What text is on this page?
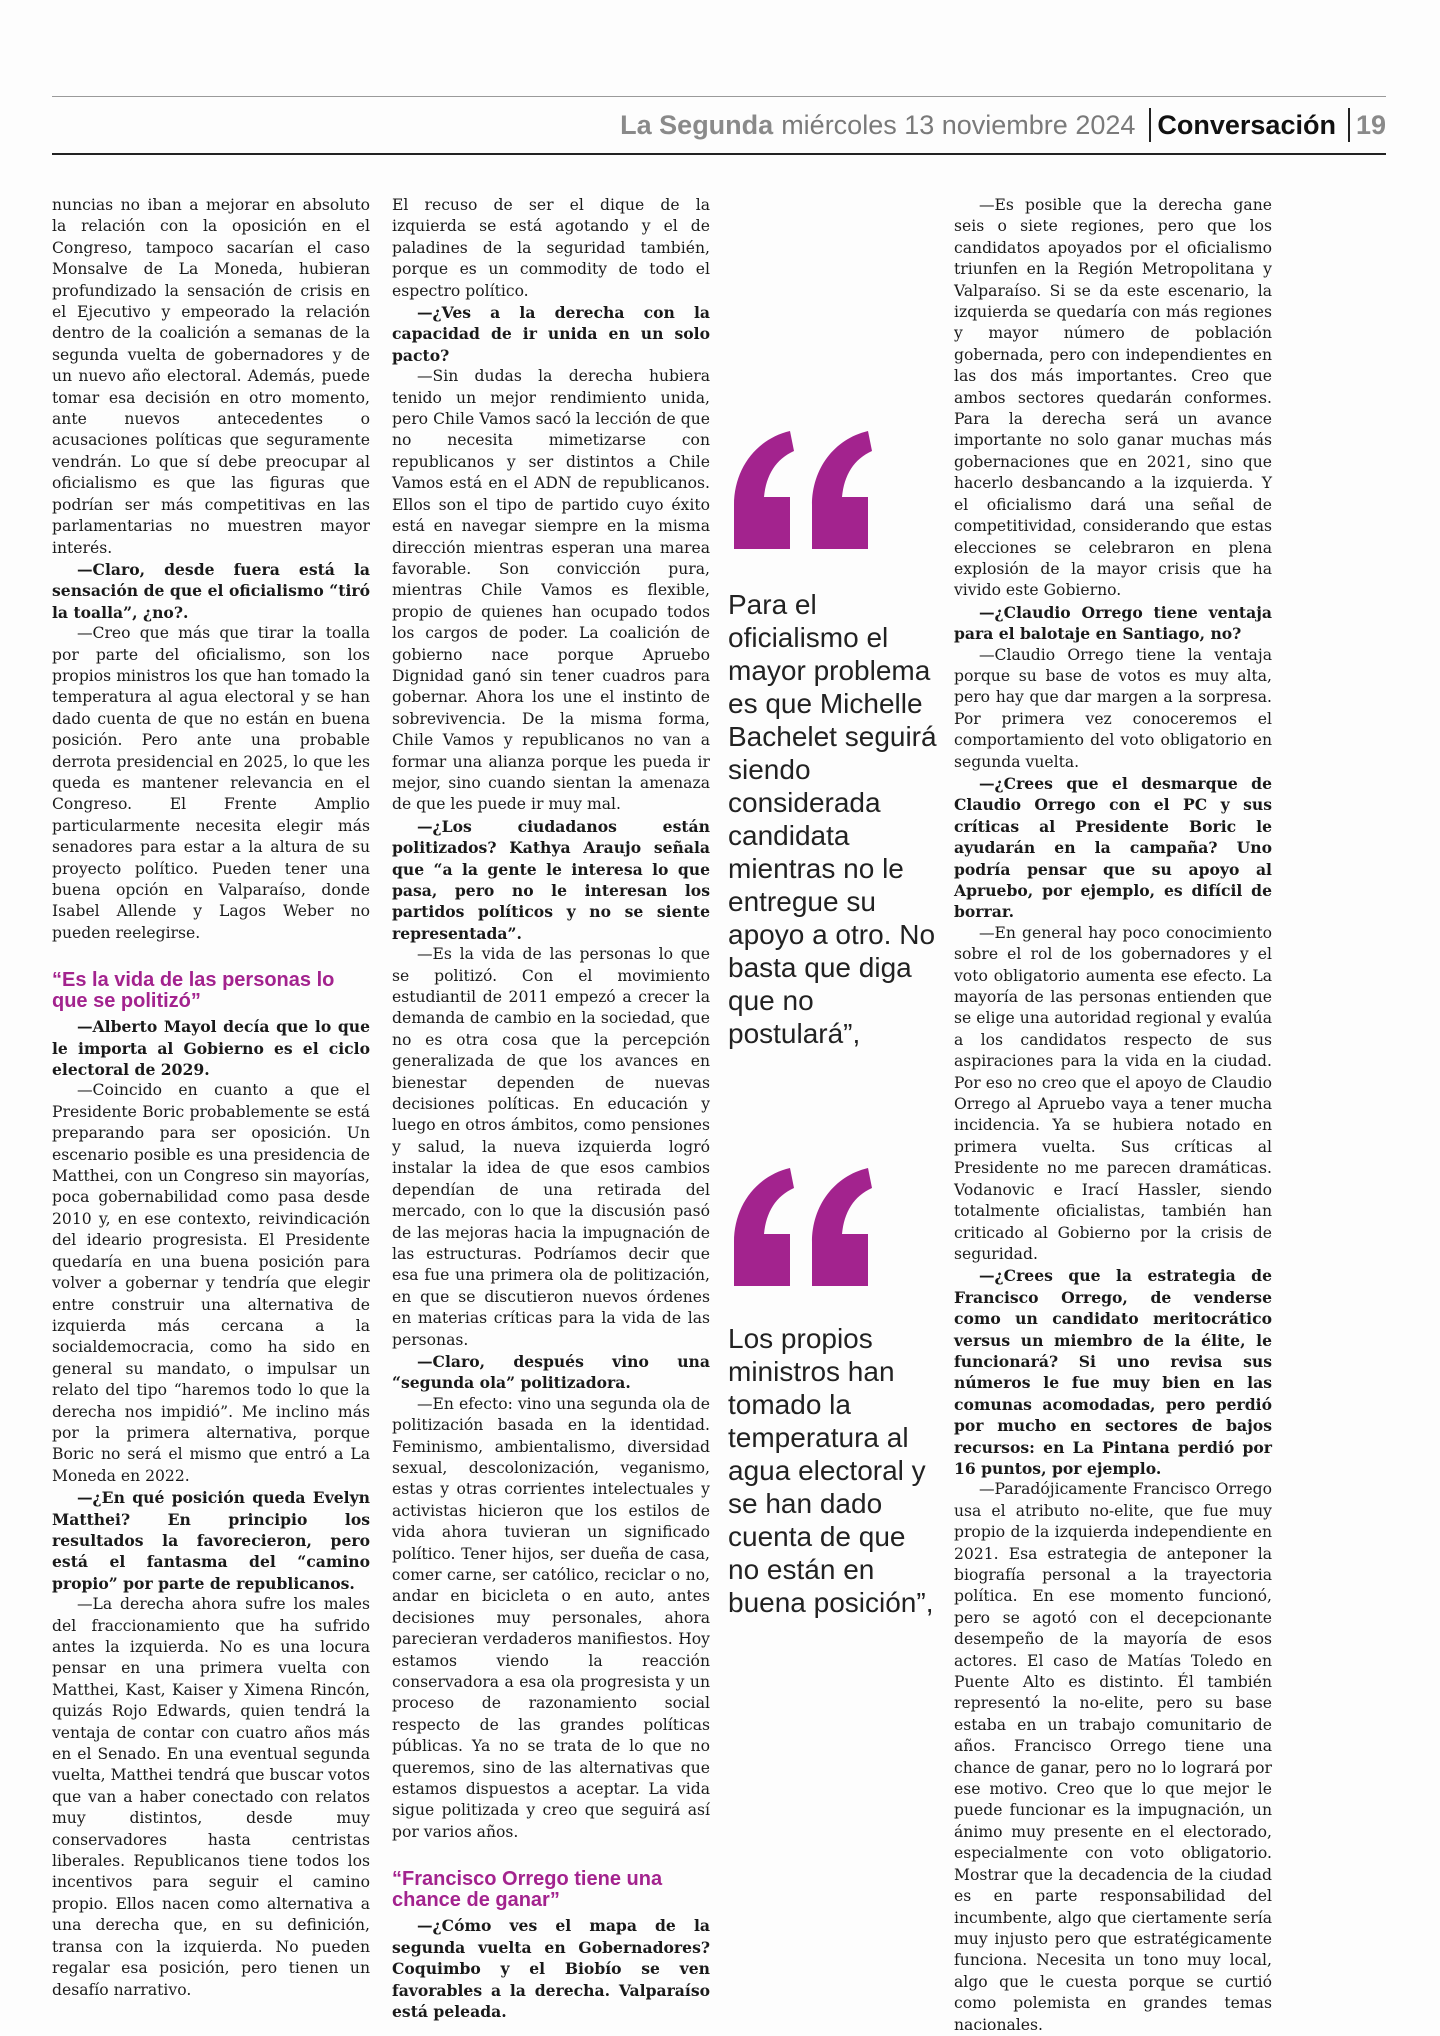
La Segunda miércoles 13 noviembre 2024 Conversación 19

nuncias no iban a mejorar en absoluto la relación con la oposición en el Congreso, tampoco sacarían el caso Monsalve de La Moneda, hubieran profundizado la sensación de crisis en el Ejecutivo y empeorado la relación dentro de la coalición a semanas de la segunda vuelta de gobernadores y de un nuevo año electoral. Además, puede tomar esa decisión en otro momento, ante nuevos antecedentes o acusaciones políticas que seguramente vendrán. Lo que sí debe preocupar al oficialismo es que las figuras que podrían ser más competitivas en las parlamentarias no muestren mayor interés.

—Claro, desde fuera está la sensación de que el oficialismo “tiró la toalla”, ¿no?.

—Creo que más que tirar la toalla por parte del oficialismo, son los propios ministros los que han tomado la temperatura al agua electoral y se han dado cuenta de que no están en buena posición. Pero ante una probable derrota presidencial en 2025, lo que les queda es mantener relevancia en el Congreso. El Frente Amplio particularmente necesita elegir más senadores para estar a la altura de su proyecto político. Pueden tener una buena opción en Valparaíso, donde Isabel Allende y Lagos Weber no pueden reelegirse.

“Es la vida de las personas lo que se politizó”

—Alberto Mayol decía que lo que le importa al Gobierno es el ciclo electoral de 2029.

—Coincido en cuanto a que el Presidente Boric probablemente se está preparando para ser oposición. Un escenario posible es una presidencia de Matthei, con un Congreso sin mayorías, poca gobernabilidad como pasa desde 2010 y, en ese contexto, reivindicación del ideario progresista. El Presidente quedaría en una buena posición para volver a gobernar y tendría que elegir entre construir una alternativa de izquierda más cercana a la socialdemocracia, como ha sido en general su mandato, o impulsar un relato del tipo “haremos todo lo que la derecha nos impidió”. Me inclino más por la primera alternativa, porque Boric no será el mismo que entró a La Moneda en 2022.

—¿En qué posición queda Evelyn Matthei? En principio los resultados la favorecieron, pero está el fantasma del “camino propio” por parte de republicanos.

—La derecha ahora sufre los males del fraccionamiento que ha sufrido antes la izquierda. No es una locura pensar en una primera vuelta con Matthei, Kast, Kaiser y Ximena Rincón, quizás Rojo Edwards, quien tendrá la ventaja de contar con cuatro años más en el Senado. En una eventual segunda vuelta, Matthei tendrá que buscar votos que van a haber conectado con relatos muy distintos, desde muy conservadores hasta centristas liberales. Republicanos tiene todos los incentivos para seguir el camino propio. Ellos nacen como alternativa a una derecha que, en su definición, transa con la izquierda. No pueden regalar esa posición, pero tienen un desafío narrativo.

El recuso de ser el dique de la izquierda se está agotando y el de paladines de la seguridad también, porque es un commodity de todo el espectro político.

—¿Ves a la derecha con la capacidad de ir unida en un solo pacto?

—Sin dudas la derecha hubiera tenido un mejor rendimiento unida, pero Chile Vamos sacó la lección de que no necesita mimetizarse con republicanos y ser distintos a Chile Vamos está en el ADN de republicanos. Ellos son el tipo de partido cuyo éxito está en navegar siempre en la misma dirección mientras esperan una marea favorable. Son convicción pura, mientras Chile Vamos es flexible, propio de quienes han ocupado todos los cargos de poder. La coalición de gobierno nace porque Apruebo Dignidad ganó sin tener cuadros para gobernar. Ahora los une el instinto de sobrevivencia. De la misma forma, Chile Vamos y republicanos no van a formar una alianza porque les pueda ir mejor, sino cuando sientan la amenaza de que les puede ir muy mal.

—¿Los ciudadanos están politizados? Kathya Araujo señala que “a la gente le interesa lo que pasa, pero no le interesan los partidos políticos y no se siente representada”.

—Es la vida de las personas lo que se politizó. Con el movimiento estudiantil de 2011 empezó a crecer la demanda de cambio en la sociedad, que no es otra cosa que la percepción generalizada de que los avances en bienestar dependen de nuevas decisiones políticas. En educación y luego en otros ámbitos, como pensiones y salud, la nueva izquierda logró instalar la idea de que esos cambios dependían de una retirada del mercado, con lo que la discusión pasó de las mejoras hacia la impugnación de las estructuras. Podríamos decir que esa fue una primera ola de politización, en que se discutieron nuevos órdenes en materias críticas para la vida de las personas.

—Claro, después vino una “segunda ola” politizadora.

—En efecto: vino una segunda ola de politización basada en la identidad. Feminismo, ambientalismo, diversidad sexual, descolonización, veganismo, estas y otras corrientes intelectuales y activistas hicieron que los estilos de vida ahora tuvieran un significado político. Tener hijos, ser dueña de casa, comer carne, ser católico, reciclar o no, andar en bicicleta o en auto, antes decisiones muy personales, ahora parecieran verdaderos manifiestos. Hoy estamos viendo la reacción conservadora a esa ola progresista y un proceso de razonamiento social respecto de las grandes políticas públicas. Ya no se trata de lo que no queremos, sino de las alternativas que estamos dispuestos a aceptar. La vida sigue politizada y creo que seguirá así por varios años.

“Francisco Orrego tiene una chance de ganar”

—¿Cómo ves el mapa de la segunda vuelta en Gobernadores? Coquimbo y el Biobío se ven favorables a la derecha. Valparaíso está peleada.

Para el oficialismo el mayor problema es que Michelle Bachelet seguirá siendo considerada candidata mientras no le entregue su apoyo a otro. No basta que diga que no postulará”,
Los propios ministros han tomado la temperatura al agua electoral y se han dado cuenta de que no están en buena posición”,

—Es posible que la derecha gane seis o siete regiones, pero que los candidatos apoyados por el oficialismo triunfen en la Región Metropolitana y Valparaíso. Si se da este escenario, la izquierda se quedaría con más regiones y mayor número de población gobernada, pero con independientes en las dos más importantes. Creo que ambos sectores quedarán conformes. Para la derecha será un avance importante no solo ganar muchas más gobernaciones que en 2021, sino que hacerlo desbancando a la izquierda. Y el oficialismo dará una señal de competitividad, considerando que estas elecciones se celebraron en plena explosión de la mayor crisis que ha vivido este Gobierno.

—¿Claudio Orrego tiene ventaja para el balotaje en Santiago, no?

—Claudio Orrego tiene la ventaja porque su base de votos es muy alta, pero hay que dar margen a la sorpresa. Por primera vez conoceremos el comportamiento del voto obligatorio en segunda vuelta.

—¿Crees que el desmarque de Claudio Orrego con el PC y sus críticas al Presidente Boric le ayudarán en la campaña? Uno podría pensar que su apoyo al Apruebo, por ejemplo, es difícil de borrar.

—En general hay poco conocimiento sobre el rol de los gobernadores y el voto obligatorio aumenta ese efecto. La mayoría de las personas entienden que se elige una autoridad regional y evalúa a los candidatos respecto de sus aspiraciones para la vida en la ciudad. Por eso no creo que el apoyo de Claudio Orrego al Apruebo vaya a tener mucha incidencia. Ya se hubiera notado en primera vuelta. Sus críticas al Presidente no me parecen dramáticas. Vodanovic e Irací Hassler, siendo totalmente oficialistas, también han criticado al Gobierno por la crisis de seguridad.

—¿Crees que la estrategia de Francisco Orrego, de venderse como un candidato meritocrático versus un miembro de la élite, le funcionará? Si uno revisa sus números le fue muy bien en las comunas acomodadas, pero perdió por mucho en sectores de bajos recursos: en La Pintana perdió por 16 puntos, por ejemplo.

—Paradójicamente Francisco Orrego usa el atributo no-elite, que fue muy propio de la izquierda independiente en 2021. Esa estrategia de anteponer la biografía personal a la trayectoria política. En ese momento funcionó, pero se agotó con el decepcionante desempeño de la mayoría de esos actores. El caso de Matías Toledo en Puente Alto es distinto. Él también representó la no-elite, pero su base estaba en un trabajo comunitario de años. Francisco Orrego tiene una chance de ganar, pero no lo logrará por ese motivo. Creo que lo que mejor le puede funcionar es la impugnación, un ánimo muy presente en el electorado, especialmente con voto obligatorio. Mostrar que la decadencia de la ciudad es en parte responsabilidad del incumbente, algo que ciertamente sería muy injusto pero que estratégicamente funciona. Necesita un tono muy local, algo que le cuesta porque se curtió como polemista en grandes temas nacionales.
